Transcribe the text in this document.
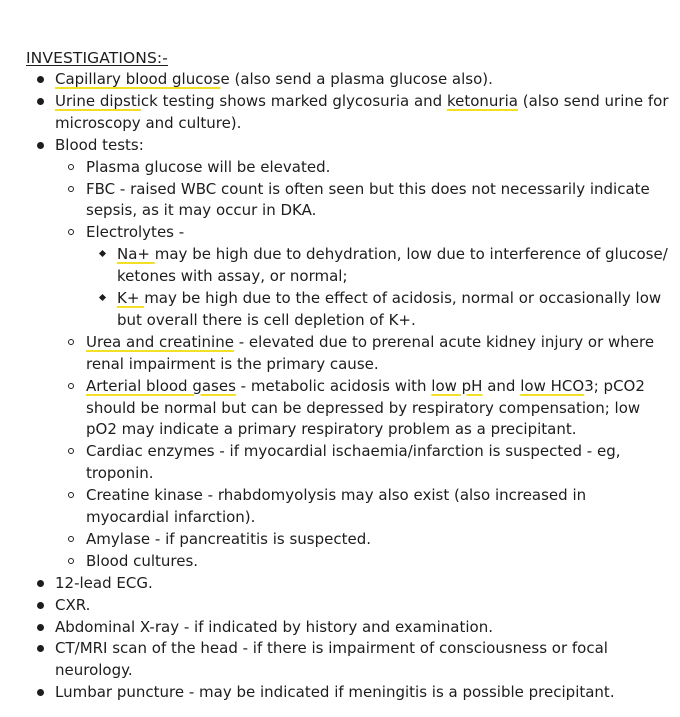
INVESTIGATIONS:-
Capillary blood glucose (also send a plasma glucose also).
Urine dipstick testing shows marked glycosuria and ketonuria (also send urine for
microscopy and culture).
Blood tests:
Plasma glucose will be elevated.
FBC - raised WBC count is often seen but this does not necessarily indicate
sepsis, as it may occur in DKA.
Electrolytes -
Na+ may be high due to dehydration, low due to interference of glucose/
ketones with assay, or normal;
K+ may be high due to the effect of acidosis, normal or occasionally low
but overall there is cell depletion of K+.
Urea and creatinine - elevated due to prerenal acute kidney injury or where
renal impairment is the primary cause.
Arterial blood gases - metabolic acidosis with low pH and low HCO3; pCO2
should be normal but can be depressed by respiratory compensation; low
pO2 may indicate a primary respiratory problem as a precipitant.
Cardiac enzymes - if myocardial ischaemia/infarction is suspected - eg,
troponin.
Creatine kinase - rhabdomyolysis may also exist (also increased in
myocardial infarction).
Amylase - if pancreatitis is suspected.
Blood cultures.
12-lead ECG.
CXR.
Abdominal X-ray - if indicated by history and examination.
CT/MRI scan of the head - if there is impairment of consciousness or focal
neurology.
Lumbar puncture - may be indicated if meningitis is a possible precipitant.
